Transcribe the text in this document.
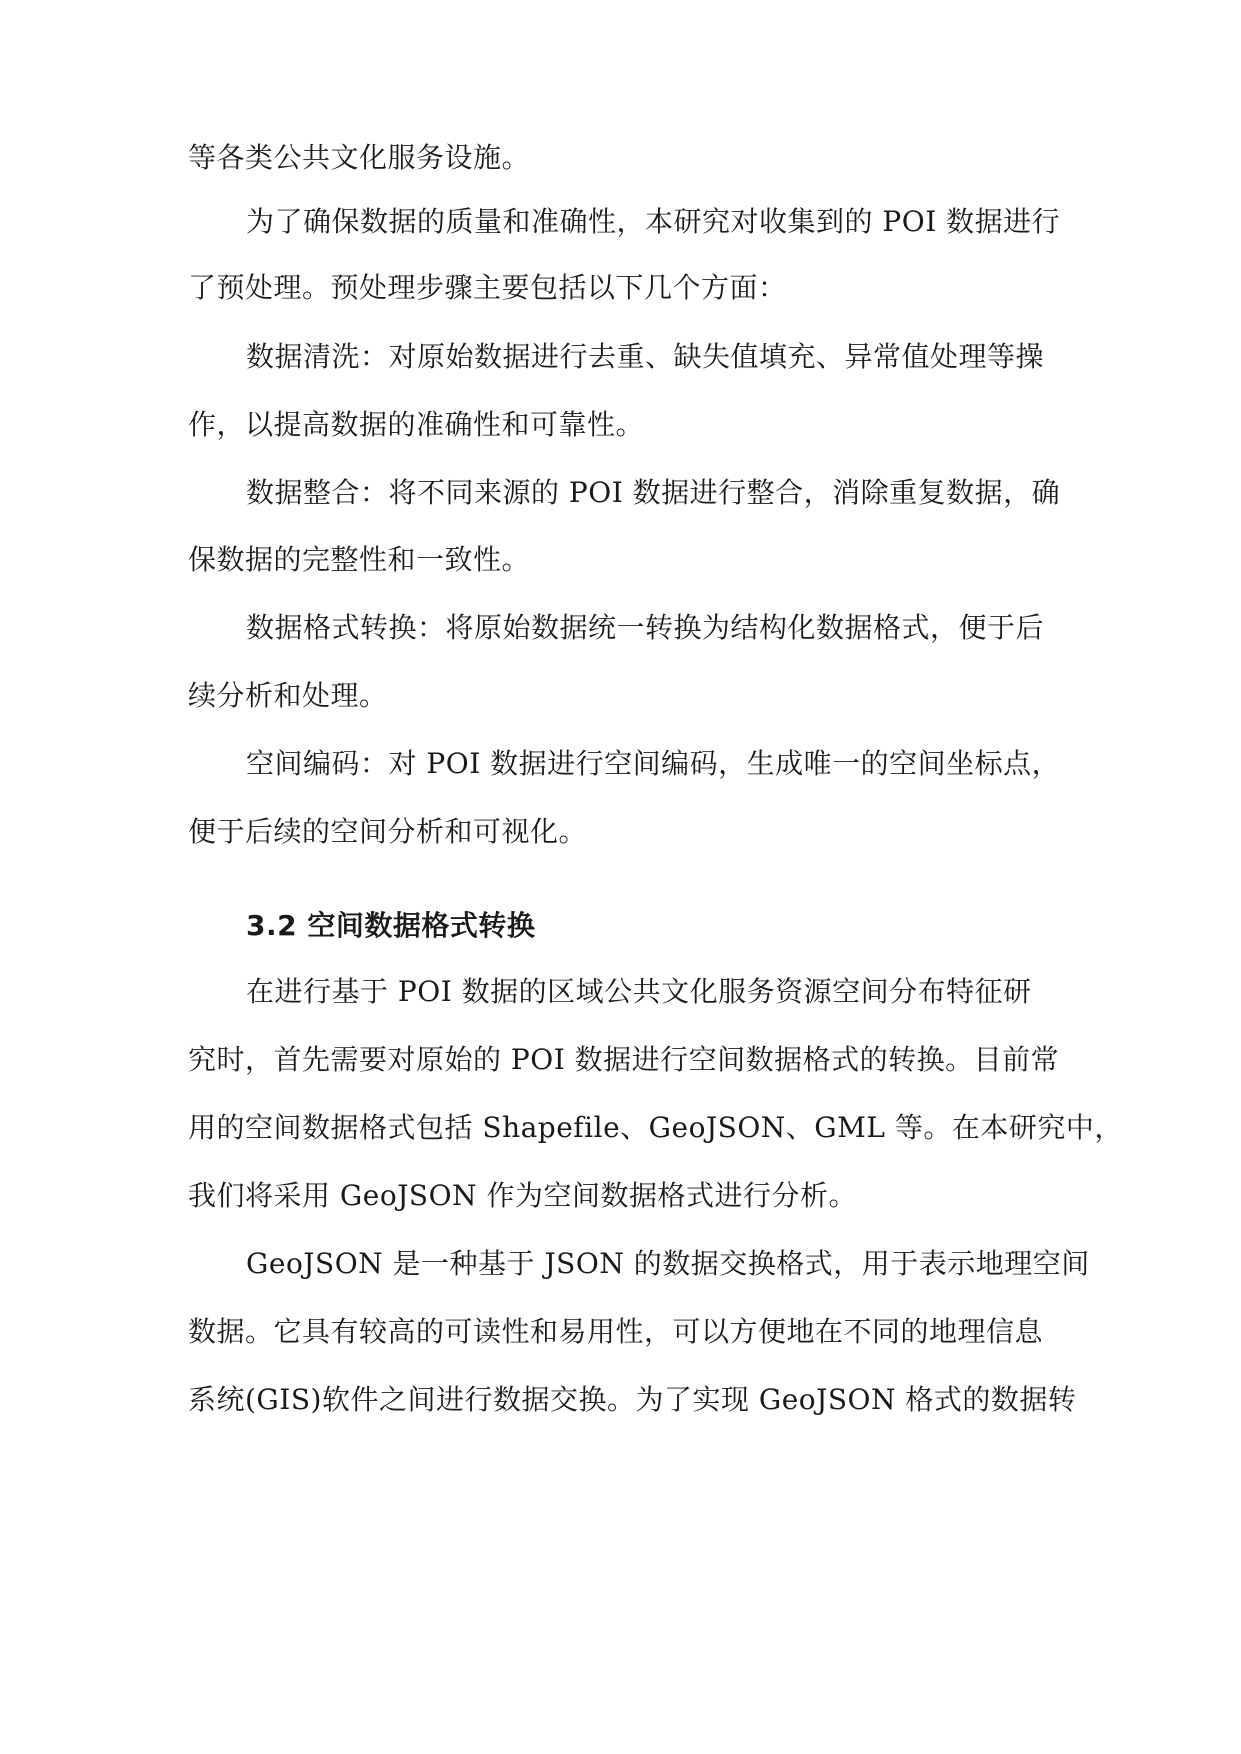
等各类公共文化服务设施。
为了确保数据的质量和准确性，本研究对收集到的 POI 数据进行
了预处理。预处理步骤主要包括以下几个方面：
数据清洗：对原始数据进行去重、缺失值填充、异常值处理等操
作，以提高数据的准确性和可靠性。
数据整合：将不同来源的 POI 数据进行整合，消除重复数据，确
保数据的完整性和一致性。
数据格式转换：将原始数据统一转换为结构化数据格式，便于后
续分析和处理。
空间编码：对 POI 数据进行空间编码，生成唯一的空间坐标点，
便于后续的空间分析和可视化。
3.2 空间数据格式转换
在进行基于 POI 数据的区域公共文化服务资源空间分布特征研
究时，首先需要对原始的 POI 数据进行空间数据格式的转换。目前常
用的空间数据格式包括 Shapefile、GeoJSON、GML 等。在本研究中，
我们将采用 GeoJSON 作为空间数据格式进行分析。
GeoJSON 是一种基于 JSON 的数据交换格式，用于表示地理空间
数据。它具有较高的可读性和易用性，可以方便地在不同的地理信息
系统(GIS)软件之间进行数据交换。为了实现 GeoJSON 格式的数据转
